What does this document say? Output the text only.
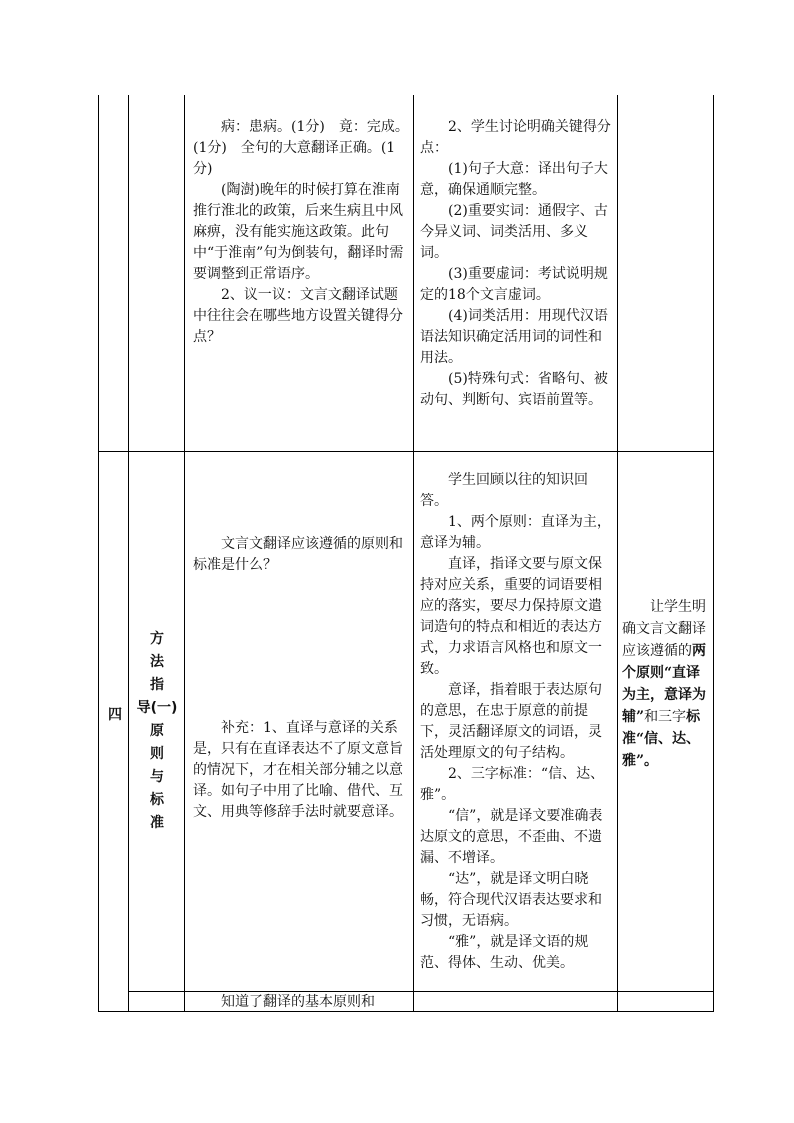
病：患病。(1分)　竟：完成。(1分)　全句的大意翻译正确。(1分)

(陶澍)晚年的时候打算在淮南推行淮北的政策，后来生病且中风麻痹，没有能实施这政策。此句中“于淮南”句为倒装句，翻译时需要调整到正常语序。

2、议一议：文言文翻译试题中往往会在哪些地方设置关键得分点？

2、学生讨论明确关键得分点：

(1)句子大意：译出句子大意，确保通顺完整。

(2)重要实词：通假字、古今异义词、词类活用、多义词。

(3)重要虚词：考试说明规定的18个文言虚词。

(4)词类活用：用现代汉语语法知识确定活用词的词性和用法。

(5)特殊句式：省略句、被动句、判断句、宾语前置等。

四
方
法
指
导(一)
原
则
与
标
准

文言文翻译应该遵循的原则和标准是什么？

补充：1、直译与意译的关系是，只有在直译表达不了原文意旨的情况下，才在相关部分辅之以意译。如句子中用了比喻、借代、互文、用典等修辞手法时就要意译。

学生回顾以往的知识回答。

1、两个原则：直译为主，意译为辅。

直译，指译文要与原文保持对应关系，重要的词语要相应的落实，要尽力保持原文遣词造句的特点和相近的表达方式，力求语言风格也和原文一致。

意译，指着眼于表达原句的意思，在忠于原意的前提下，灵活翻译原文的词语，灵活处理原文的句子结构。

2、三字标准：“信、达、雅”。

“信”，就是译文要准确表达原文的意思，不歪曲、不遗漏、不增译。

“达”，就是译文明白晓畅，符合现代汉语表达要求和习惯，无语病。

“雅”，就是译文语的规范、得体、生动、优美。

让学生明确文言文翻译应该遵循的两个原则“直译为主，意译为辅”和三字标准“信、达、雅”。

知道了翻译的基本原则和
